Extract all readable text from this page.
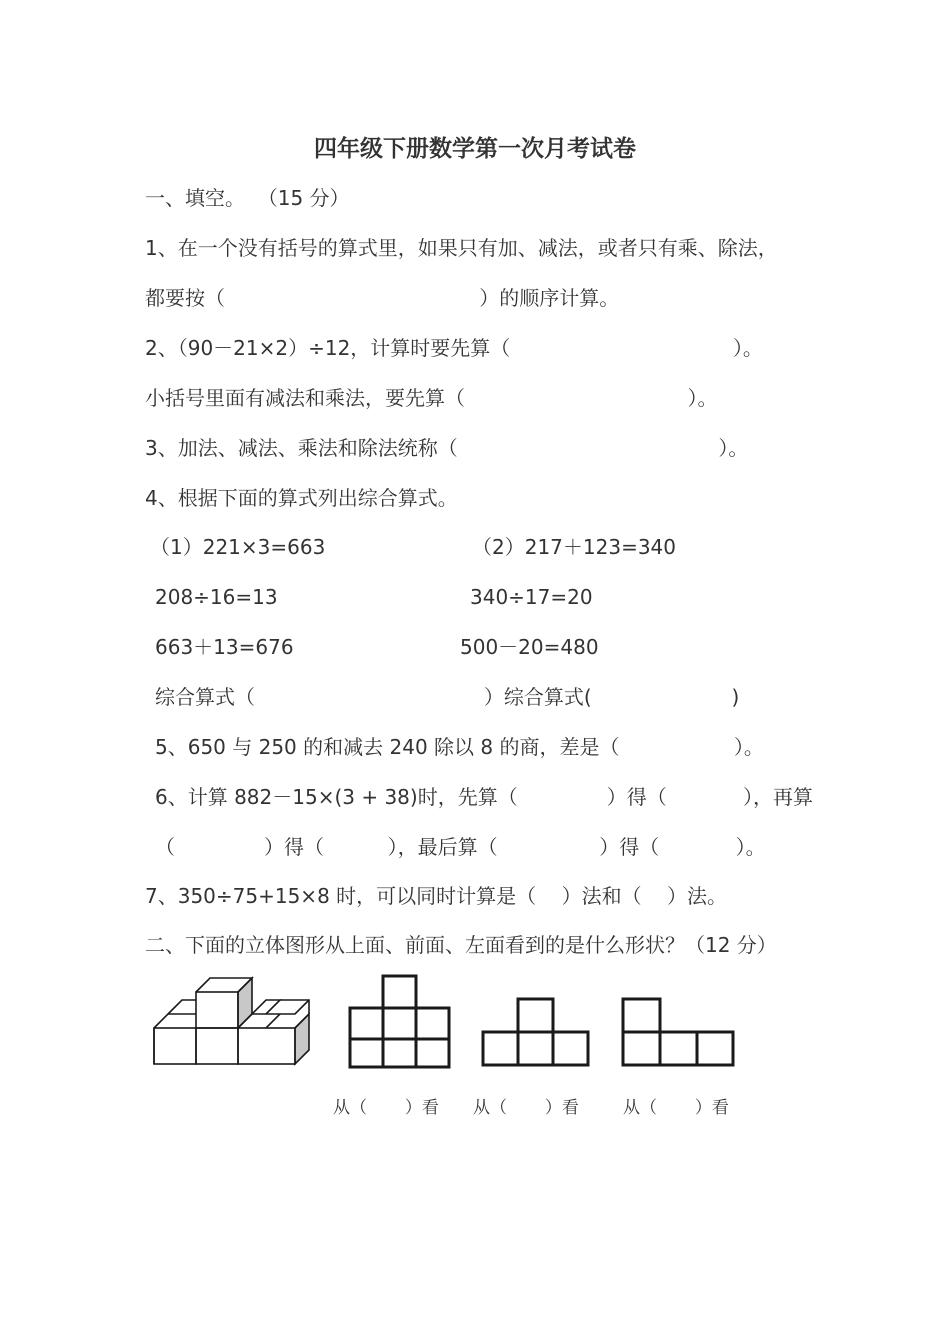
四年级下册数学第一次月考试卷
一、填空。  （15 分）
1、在一个没有括号的算式里，如果只有加、减法，或者只有乘、除法，
都要按（                                        ）的顺序计算。
2、（90－21×2）÷12，计算时要先算（                                   ）。
小括号里面有减法和乘法，要先算（                                   ）。
3、加法、减法、乘法和除法统称（                                         ）。
4、根据下面的算式列出综合算式。
（1）221×3=663
208÷16=13
663＋13=676
（2）217＋123=340
340÷17=20
500－20=480
综合算式（                                    ）综合算式(                      )
5、650 与 250 的和减去 240 除以 8 的商，差是（                  ）。
6、计算 882－15×(3 + 38)时，先算（              ）得（            ），再算
（              ）得（          ），最后算（                ）得（            ）。
7、350÷75+15×8 时，可以同时计算是（    ）法和（    ）法。
二、下面的立体图形从上面、前面、左面看到的是什么形状？（12 分）
从（       ）看 从（       ）看	从（       ）看
